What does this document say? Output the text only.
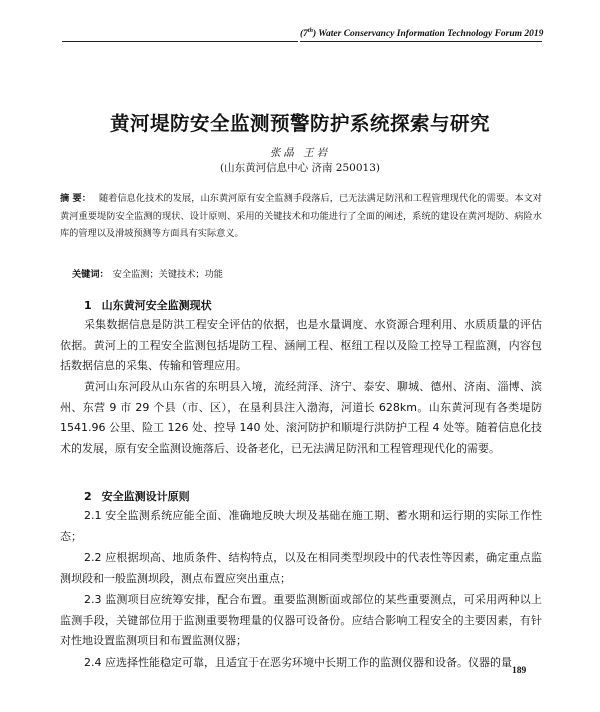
(7th) Water Conservancy Information Technology Forum 2019
黄河堤防安全监测预警防护系统探索与研究
张晶 王岩
(山东黄河信息中心 济南 250013)
摘 要： 随着信息化技术的发展，山东黄河原有安全监测手段落后，已无法满足防汛和工程管理现代化的需要。本文对黄河重要堤防安全监测的现状、设计原则、采用的关键技术和功能进行了全面的阐述，系统的建设在黄河堤防、病险水库的管理以及滑坡预测等方面具有实际意义。
关键词： 安全监测；关键技术；功能
1 山东黄河安全监测现状
采集数据信息是防洪工程安全评估的依据，也是水量调度、水资源合理利用、水质质量的评估依据。黄河上的工程安全监测包括堤防工程、涵闸工程、枢纽工程以及险工控导工程监测，内容包括数据信息的采集、传输和管理应用。
黄河山东河段从山东省的东明县入境，流经菏泽、济宁、泰安、聊城、德州、济南、淄博、滨州、东营 9 市 29 个县（市、区），在垦利县注入渤海，河道长 628km。山东黄河现有各类堤防 1541.96 公里、险工 126 处、控导 140 处、滚河防护和顺堤行洪防护工程 4 处等。随着信息化技术的发展，原有安全监测设施落后、设备老化，已无法满足防汛和工程管理现代化的需要。
2 安全监测设计原则
2.1 安全监测系统应能全面、准确地反映大坝及基础在施工期、蓄水期和运行期的实际工作性态；
2.2 应根据坝高、地质条件、结构特点，以及在相同类型坝段中的代表性等因素，确定重点监测坝段和一般监测坝段，测点布置应突出重点；
2.3 监测项目应统筹安排，配合布置。重要监测断面或部位的某些重要测点，可采用两种以上监测手段，关键部位用于监测重要物理量的仪器可设备份。应结合影响工程安全的主要因素，有针对性地设置监测项目和布置监测仪器；
2.4 应选择性能稳定可靠，且适宜于在恶劣环境中长期工作的监测仪器和设备。仪器的量
189
